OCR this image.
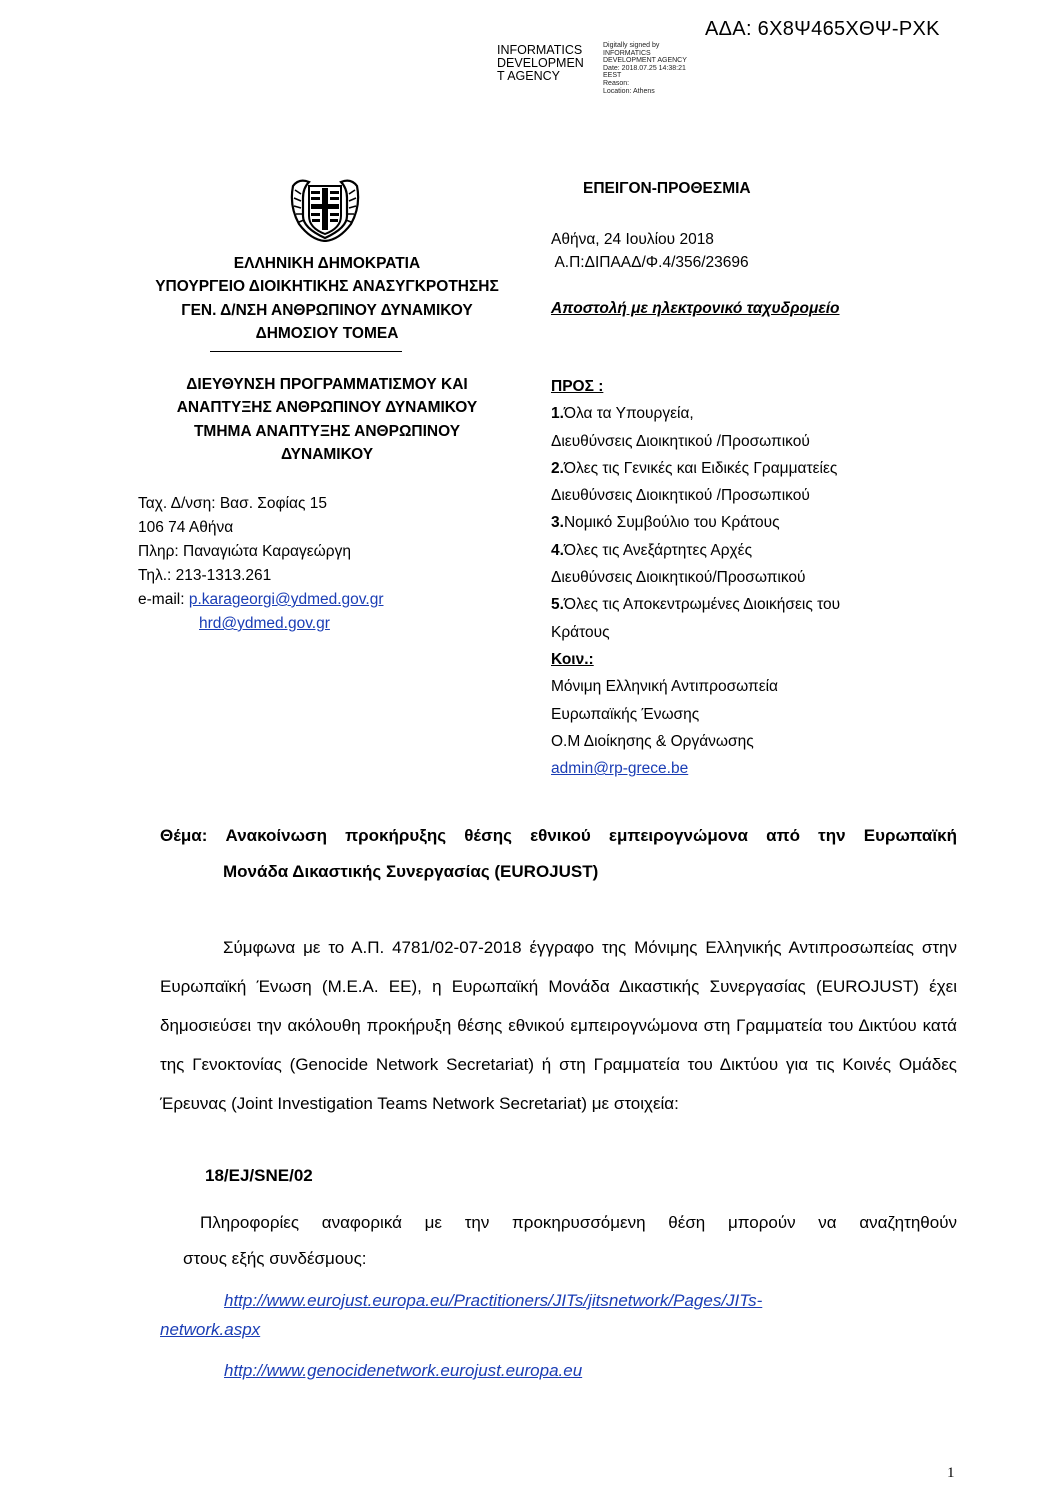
ΑΔΑ: 6Χ8Ψ465ΧΘΨ-ΡΧΚ
INFORMATICS
DEVELOPMEN
T AGENCY
Digitally signed by
INFORMATICS
DEVELOPMENT AGENCY
Date: 2018.07.25 14:38:21
EEST
Reason:
Location: Athens
ΕΛΛΗΝΙΚΗ ΔΗΜΟΚΡΑΤΙΑ
ΥΠΟΥΡΓΕΙΟ ΔΙΟΙΚΗΤΙΚΗΣ ΑΝΑΣΥΓΚΡΟΤΗΣΗΣ
ΓΕΝ. Δ/ΝΣΗ ΑΝΘΡΩΠΙΝΟΥ ΔΥΝΑΜΙΚΟΥ
ΔΗΜΟΣΙΟΥ ΤΟΜΕΑ
ΔΙΕΥΘΥΝΣΗ ΠΡΟΓΡΑΜΜΑΤΙΣΜΟΥ ΚΑΙ
ΑΝΑΠΤΥΞΗΣ ΑΝΘΡΩΠΙΝΟΥ ΔΥΝΑΜΙΚΟΥ
ΤΜΗΜΑ ΑΝΑΠΤΥΞΗΣ ΑΝΘΡΩΠΙΝΟΥ
ΔΥΝΑΜΙΚΟΥ
Ταχ. Δ/νση: Βασ. Σοφίας 15
106 74 Αθήνα
Πληρ: Παναγιώτα Καραγεώργη
Τηλ.: 213-1313.261
e-mail: p.karageorgi@ydmed.gov.gr
hrd@ydmed.gov.gr
ΕΠΕΙΓΟΝ-ΠΡΟΘΕΣΜΙΑ
Αθήνα, 24 Ιουλίου 2018
Α.Π:ΔΙΠΑΑΔ/Φ.4/356/23696
Αποστολή με ηλεκτρονικό ταχυδρομείο
ΠΡΟΣ :
1.Όλα τα Υπουργεία,
Διευθύνσεις Διοικητικού /Προσωπικού
2.Όλες τις Γενικές και Ειδικές Γραμματείες
Διευθύνσεις Διοικητικού /Προσωπικού
3.Νομικό Συμβούλιο του Κράτους
4.Όλες τις Ανεξάρτητες Αρχές
Διευθύνσεις Διοικητικού/Προσωπικού
5.Όλες τις Αποκεντρωμένες Διοικήσεις του
Κράτους
Κοιν.:
Μόνιμη Ελληνική Αντιπροσωπεία
Ευρωπαϊκής Ένωσης
Ο.Μ Διοίκησης & Οργάνωσης
admin@rp-grece.be
Θέμα: Ανακοίνωση προκήρυξης θέσης εθνικού εμπειρογνώμονα από την Ευρωπαϊκή
Μονάδα Δικαστικής Συνεργασίας (EUROJUST)
Σύμφωνα με το Α.Π. 4781/02-07-2018 έγγραφο της Μόνιμης Ελληνικής Αντιπροσωπείας στην Ευρωπαϊκή Ένωση (Μ.Ε.Α. ΕΕ), η Ευρωπαϊκή Μονάδα Δικαστικής Συνεργασίας (EUROJUST) έχει δημοσιεύσει την ακόλουθη προκήρυξη θέσης εθνικού εμπειρογνώμονα στη Γραμματεία του Δικτύου κατά της Γενοκτονίας (Genocide Network Secretariat) ή στη Γραμματεία του Δικτύου για τις Κοινές Ομάδες Έρευνας (Joint Investigation Teams Network Secretariat) με στοιχεία:
18/EJ/SNE/02
Πληροφορίες αναφορικά με την προκηρυσσόμενη θέση μπορούν να αναζητηθούν
στους εξής συνδέσμους:
http://www.eurojust.europa.eu/Practitioners/JITs/jitsnetwork/Pages/JITs-
network.aspx
http://www.genocidenetwork.eurojust.europa.eu
1
